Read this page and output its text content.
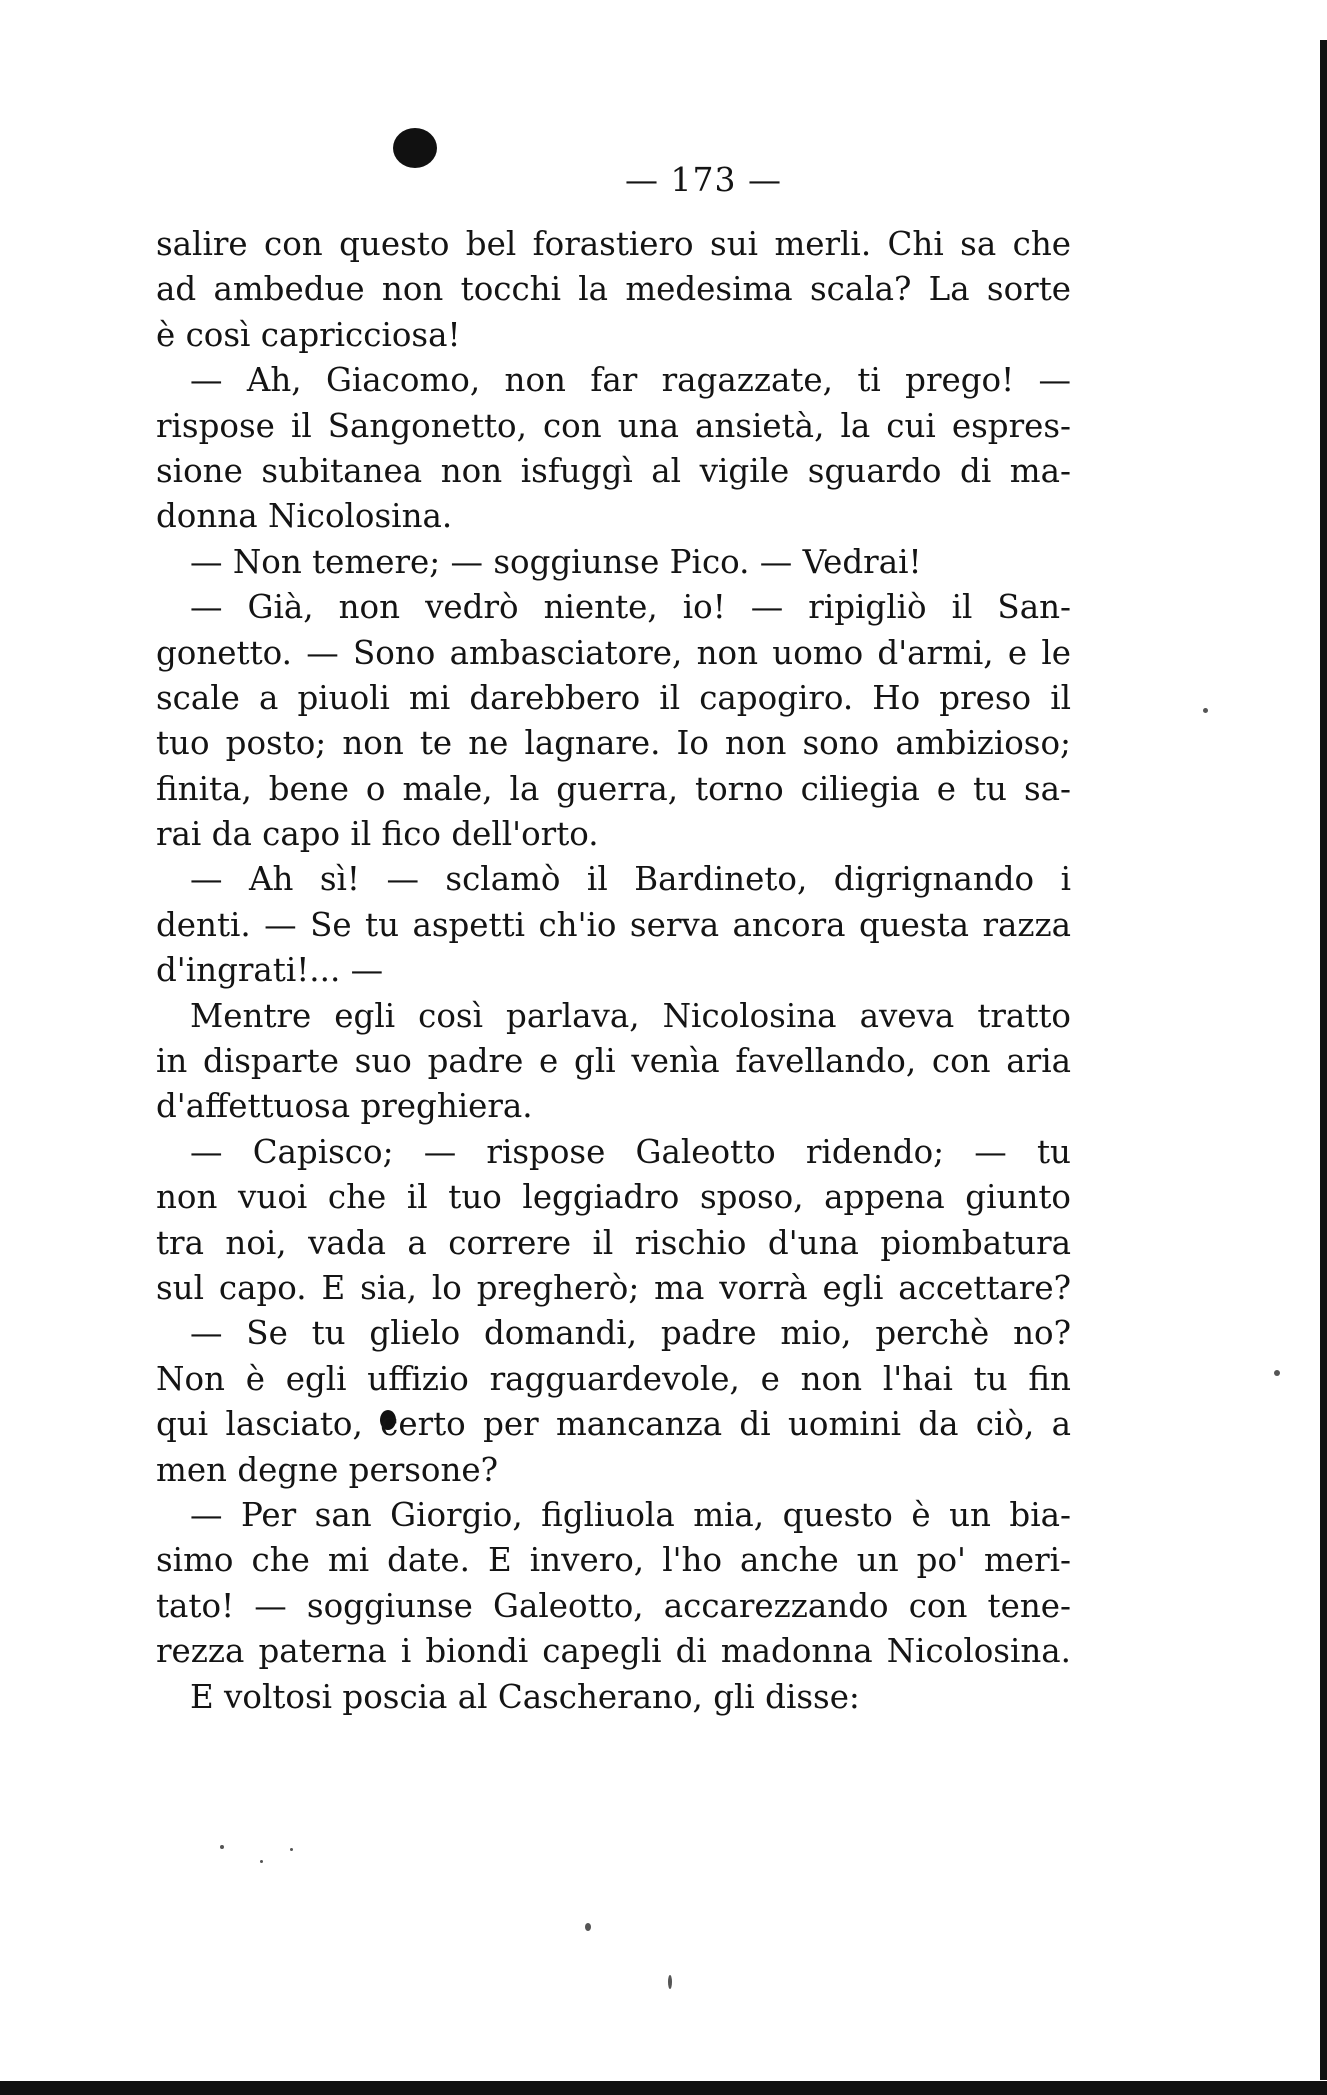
— 173 —
salire con questo bel forastiero sui merli. Chi sa che
ad ambedue non tocchi la medesima scala? La sorte
è così capricciosa!
— Ah, Giacomo, non far ragazzate, ti prego! —
rispose il Sangonetto, con una ansietà, la cui espres-
sione subitanea non isfuggì al vigile sguardo di ma-
donna Nicolosina.
— Non temere; — soggiunse Pico. — Vedrai!
— Già, non vedrò niente, io! — ripigliò il San-
gonetto. — Sono ambasciatore, non uomo d'armi, e le
scale a piuoli mi darebbero il capogiro. Ho preso il
tuo posto; non te ne lagnare. Io non sono ambizioso;
finita, bene o male, la guerra, torno ciliegia e tu sa-
rai da capo il fico dell'orto.
— Ah sì! — sclamò il Bardineto, digrignando i
denti. — Se tu aspetti ch'io serva ancora questa razza
d'ingrati!... —
Mentre egli così parlava, Nicolosina aveva tratto
in disparte suo padre e gli venìa favellando, con aria
d'affettuosa preghiera.
— Capisco; — rispose Galeotto ridendo; — tu
non vuoi che il tuo leggiadro sposo, appena giunto
tra noi, vada a correre il rischio d'una piombatura
sul capo. E sia, lo pregherò; ma vorrà egli accettare?
— Se tu glielo domandi, padre mio, perchè no?
Non è egli uffizio ragguardevole, e non l'hai tu fin
qui lasciato, certo per mancanza di uomini da ciò, a
men degne persone?
— Per san Giorgio, figliuola mia, questo è un bia-
simo che mi date. E invero, l'ho anche un po' meri-
tato! — soggiunse Galeotto, accarezzando con tene-
rezza paterna i biondi capegli di madonna Nicolosina.
E voltosi poscia al Cascherano, gli disse:
